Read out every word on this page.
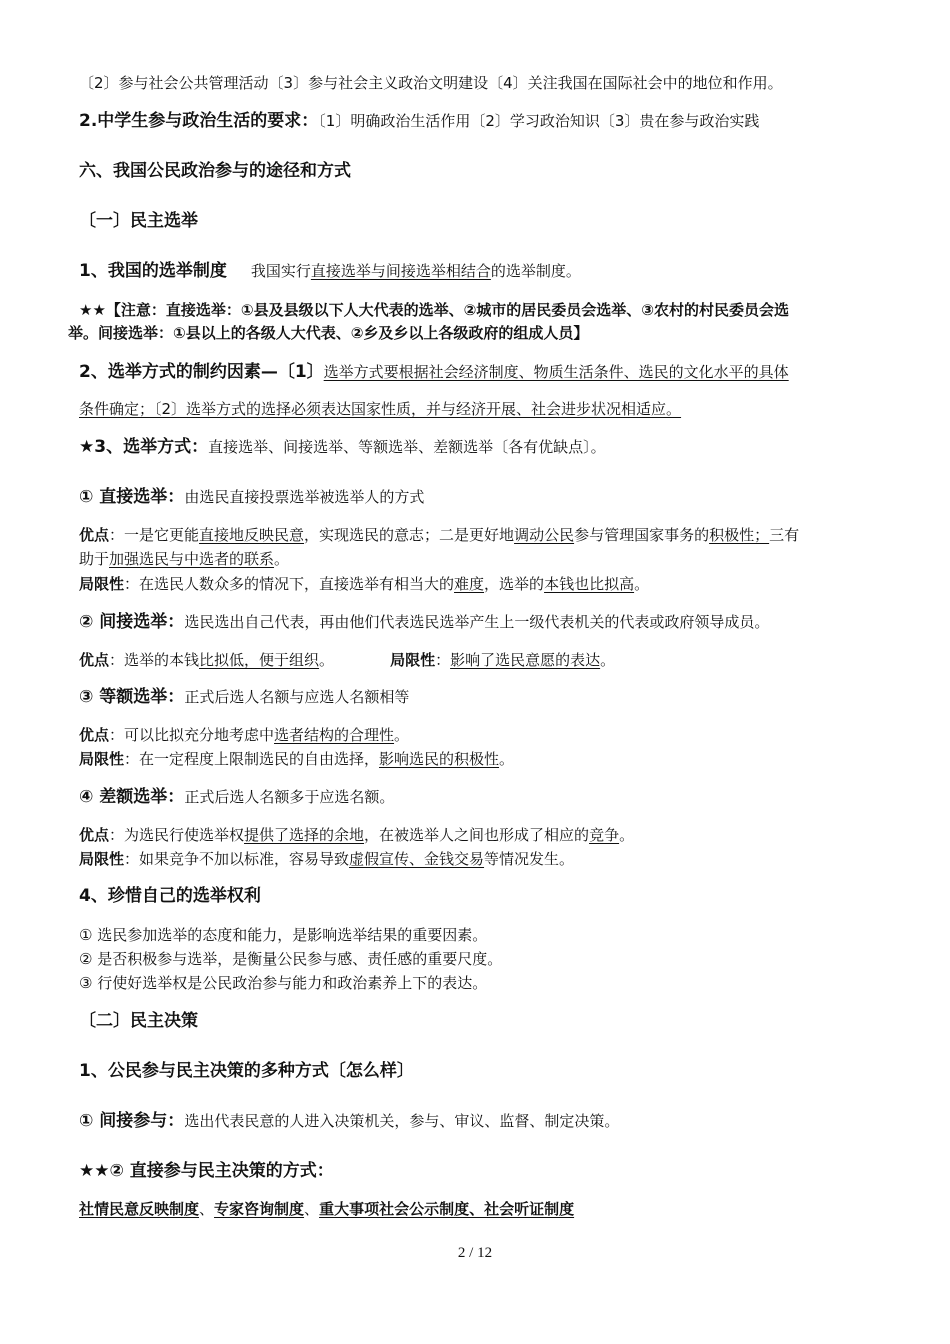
〔2〕参与社会公共管理活动〔3〕参与社会主义政治文明建设〔4〕关注我国在国际社会中的地位和作用。
2.中学生参与政治生活的要求：〔1〕明确政治生活作用〔2〕学习政治知识〔3〕贵在参与政治实践
六、我国公民政治参与的途径和方式
〔一〕民主选举
1、我国的选举制度 我国实行直接选举与间接选举相结合的选举制度。
★★【注意：直接选举：①县及县级以下人大代表的选举、②城市的居民委员会选举、③农村的村民委员会选
举。间接选举：①县以上的各级人大代表、②乡及乡以上各级政府的组成人员】
2、选举方式的制约因素—〔1〕选举方式要根据社会经济制度、物质生活条件、选民的文化水平的具体
条件确定；〔2〕选举方式的选择必须表达国家性质，并与经济开展、社会进步状况相适应。
★3、选举方式：直接选举、间接选举、等额选举、差额选举〔各有优缺点〕。
① 直接选举：由选民直接投票选举被选举人的方式
优点：一是它更能直接地反映民意，实现选民的意志；二是更好地调动公民参与管理国家事务的积极性；三有
助于加强选民与中选者的联系。
局限性：在选民人数众多的情况下，直接选举有相当大的难度，选举的本钱也比拟高。
② 间接选举：选民选出自己代表，再由他们代表选民选举产生上一级代表机关的代表或政府领导成员。
优点：选举的本钱比拟低，便于组织。	局限性：影响了选民意愿的表达。
③ 等额选举：正式后选人名额与应选人名额相等
优点：可以比拟充分地考虑中选者结构的合理性。
局限性：在一定程度上限制选民的自由选择，影响选民的积极性。
④ 差额选举：正式后选人名额多于应选名额。
优点：为选民行使选举权提供了选择的余地，在被选举人之间也形成了相应的竞争。
局限性：如果竞争不加以标准，容易导致虚假宣传、金钱交易等情况发生。
4、珍惜自己的选举权利
① 选民参加选举的态度和能力，是影响选举结果的重要因素。
② 是否积极参与选举，是衡量公民参与感、责任感的重要尺度。
③ 行使好选举权是公民政治参与能力和政治素养上下的表达。
〔二〕民主决策
1、公民参与民主决策的多种方式〔怎么样〕
① 间接参与：选出代表民意的人进入决策机关，参与、审议、监督、制定决策。
★★② 直接参与民主决策的方式：
社情民意反映制度、专家咨询制度、重大事项社会公示制度、社会听证制度
2 / 12
